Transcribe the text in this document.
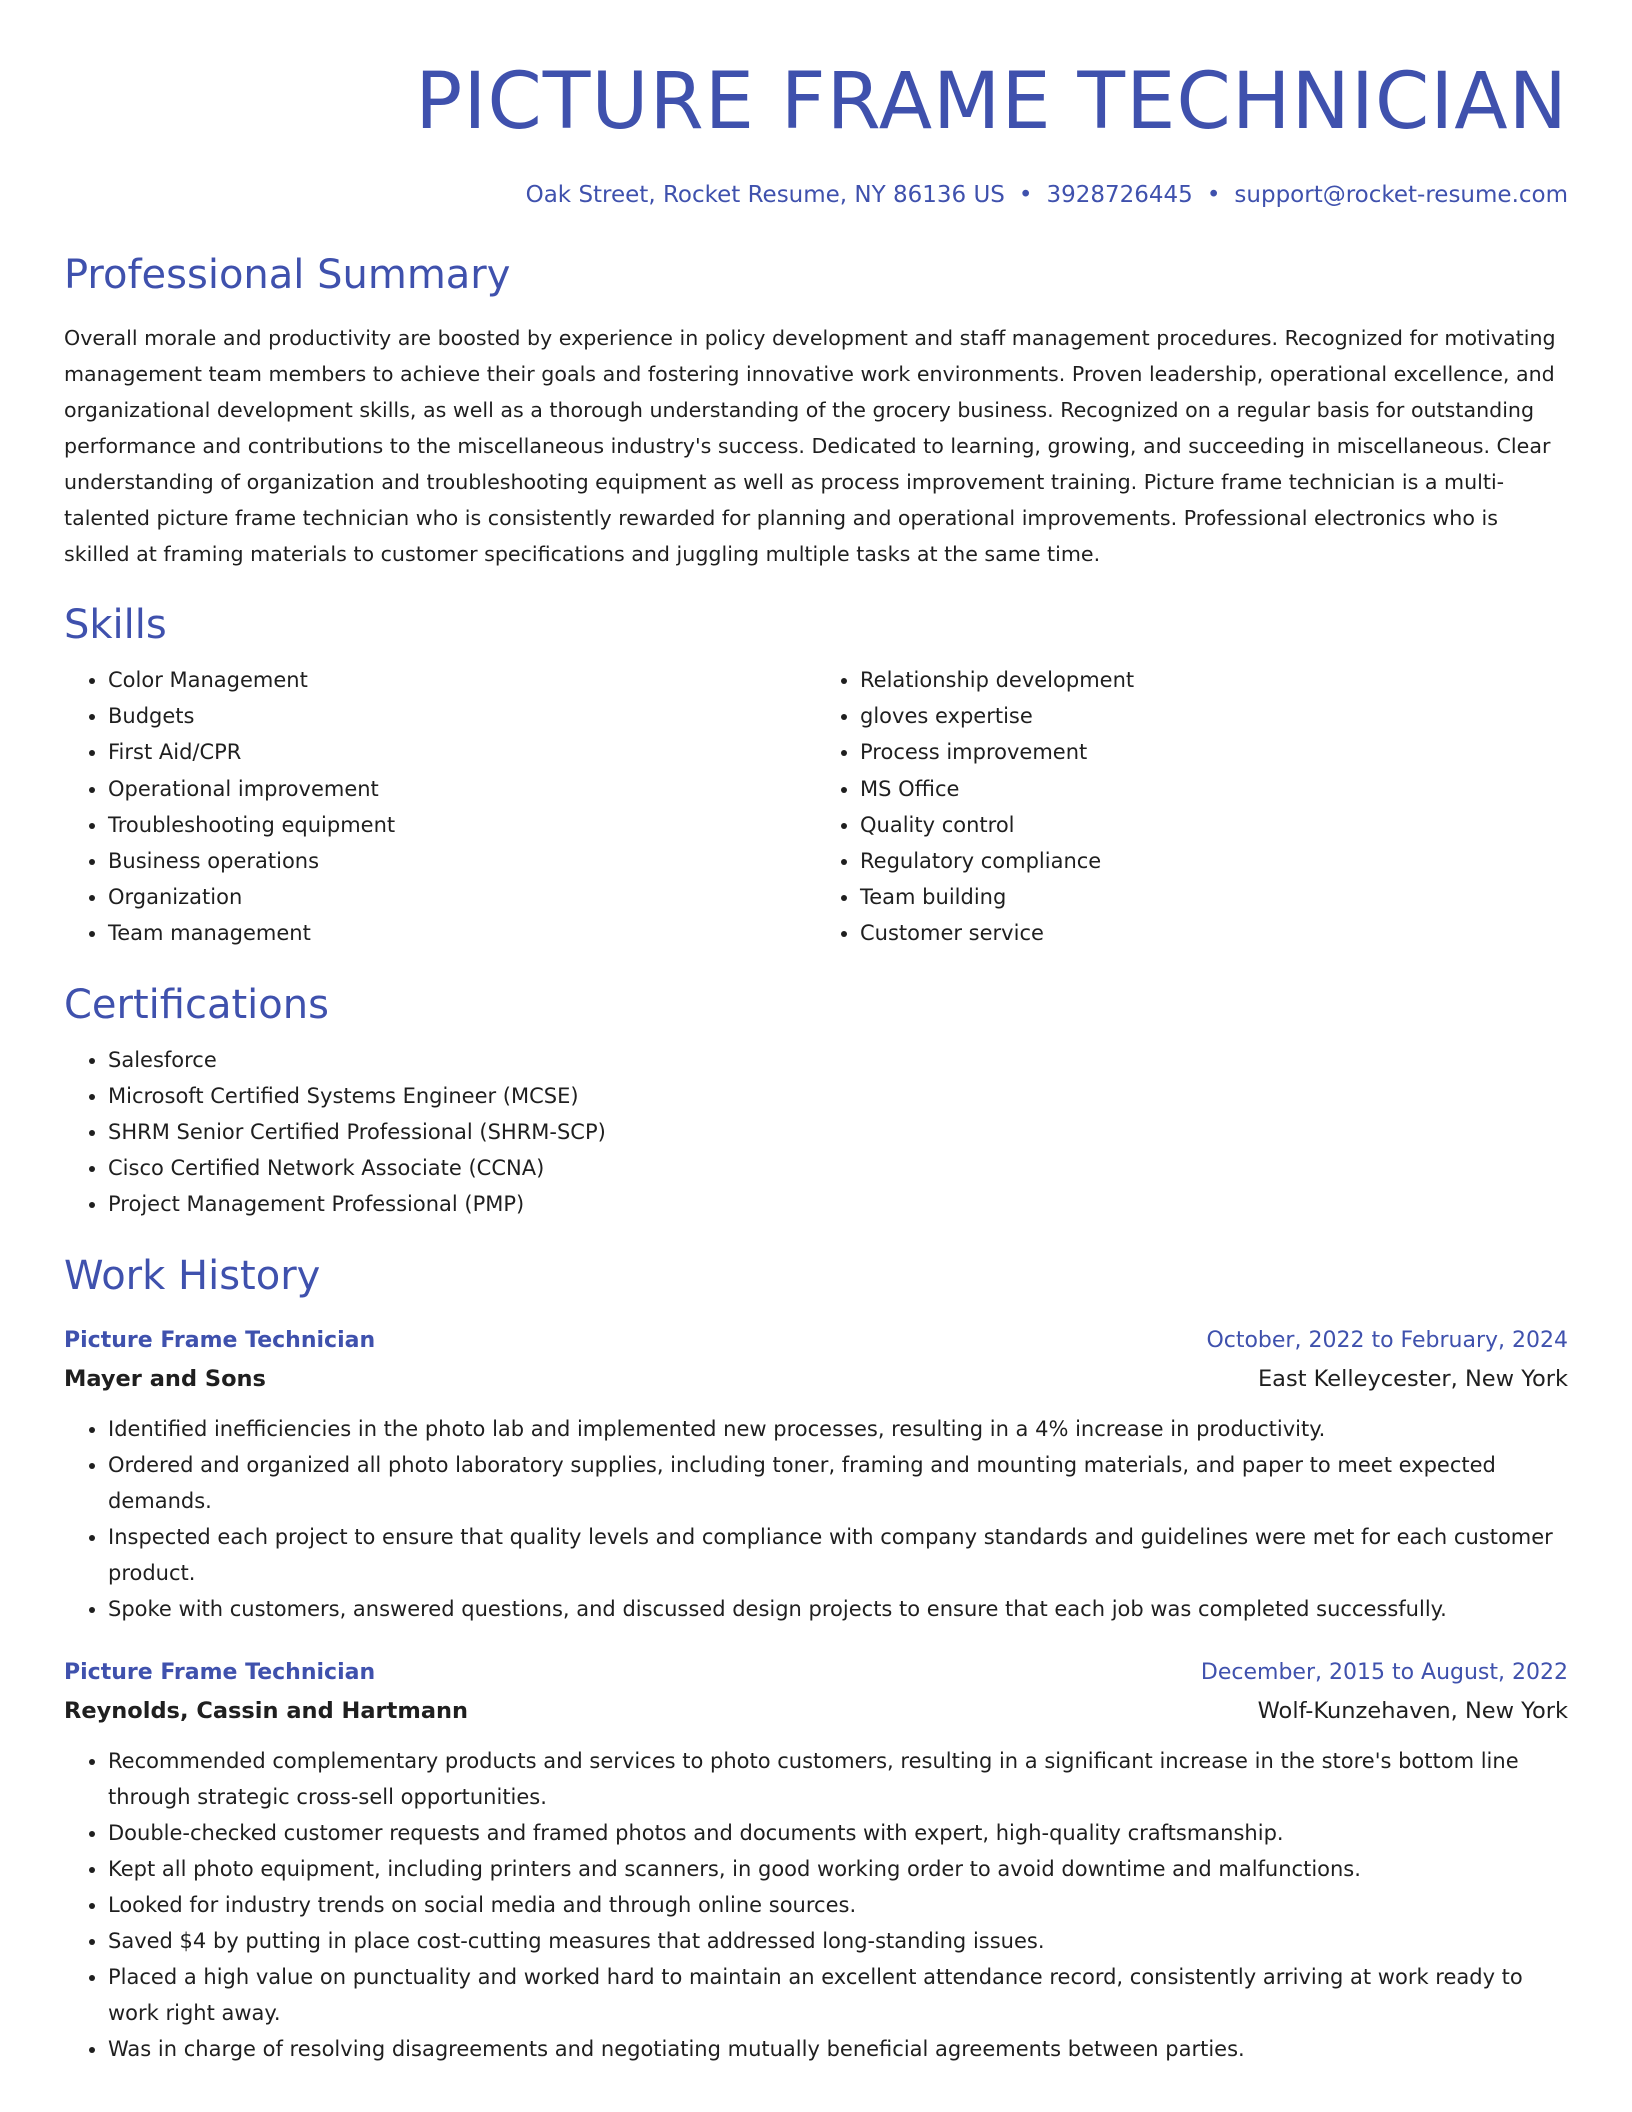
PICTURE FRAME TECHNICIAN
Oak Street, Rocket Resume, NY 86136 US • 3928726445 • support@rocket-resume.com
Professional Summary

Overall morale and productivity are boosted by experience in policy development and staff management procedures. Recognized for motivating management team members to achieve their goals and fostering innovative work environments. Proven leadership, operational excellence, and organizational development skills, as well as a thorough understanding of the grocery business. Recognized on a regular basis for outstanding performance and contributions to the miscellaneous industry's success. Dedicated to learning, growing, and succeeding in miscellaneous. Clear understanding of organization and troubleshooting equipment as well as process improvement training. Picture frame technician is a multi-talented picture frame technician who is consistently rewarded for planning and operational improvements. Professional electronics who is skilled at framing materials to customer specifications and juggling multiple tasks at the same time.

Skills
• Color Management
• Budgets
• First Aid/CPR
• Operational improvement
• Troubleshooting equipment
• Business operations
• Organization
• Team management
• Relationship development
• gloves expertise
• Process improvement
• MS Office
• Quality control
• Regulatory compliance
• Team building
• Customer service
Certifications
• Salesforce
• Microsoft Certified Systems Engineer (MCSE)
• SHRM Senior Certified Professional (SHRM-SCP)
• Cisco Certified Network Associate (CCNA)
• Project Management Professional (PMP)
Work History
Picture Frame Technician	October, 2022 to February, 2024
Mayer and Sons	East Kelleycester, New York
• Identified inefficiencies in the photo lab and implemented new processes, resulting in a 4% increase in productivity.
• Ordered and organized all photo laboratory supplies, including toner, framing and mounting materials, and paper to meet expected demands.
• Inspected each project to ensure that quality levels and compliance with company standards and guidelines were met for each customer product.
• Spoke with customers, answered questions, and discussed design projects to ensure that each job was completed successfully.
Picture Frame Technician	December, 2015 to August, 2022
Reynolds, Cassin and Hartmann	Wolf-Kunzehaven, New York
• Recommended complementary products and services to photo customers, resulting in a significant increase in the store's bottom line through strategic cross-sell opportunities.
• Double-checked customer requests and framed photos and documents with expert, high-quality craftsmanship.
• Kept all photo equipment, including printers and scanners, in good working order to avoid downtime and malfunctions.
• Looked for industry trends on social media and through online sources.
• Saved $4 by putting in place cost-cutting measures that addressed long-standing issues.
• Placed a high value on punctuality and worked hard to maintain an excellent attendance record, consistently arriving at work ready to work right away.
• Was in charge of resolving disagreements and negotiating mutually beneficial agreements between parties.
